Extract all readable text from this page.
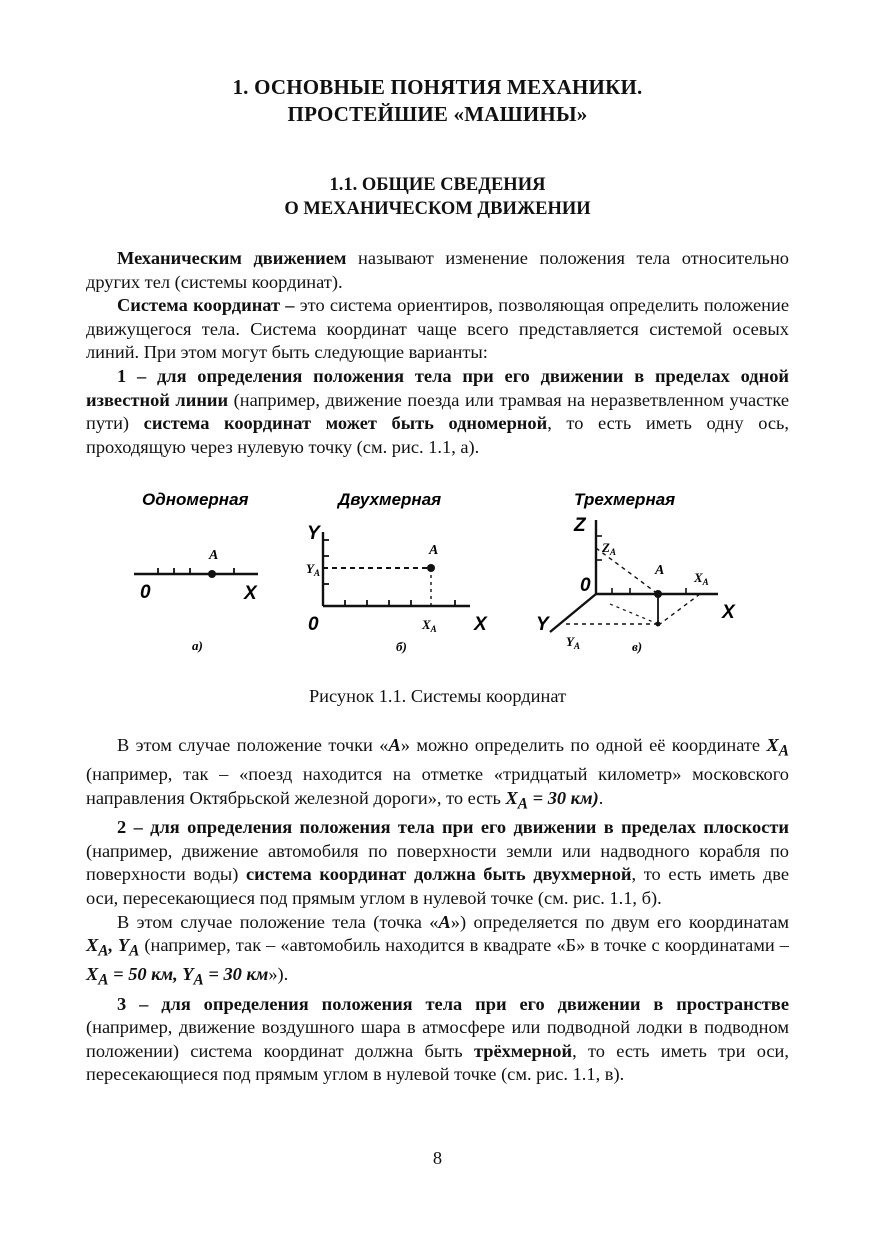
1. ОСНОВНЫЕ ПОНЯТИЯ МЕХАНИКИ.
ПРОСТЕЙШИЕ «МАШИНЫ»
1.1. ОБЩИЕ СВЕДЕНИЯ
О МЕХАНИЧЕСКОМ ДВИЖЕНИИ

Механическим движением называют изменение положения тела относительно других тел (системы координат).

Система координат – это система ориентиров, позволяющая определить положение движущегося тела. Система координат чаще всего представляется системой осевых линий. При этом могут быть следующие варианты:

1 – для определения положения тела при его движении в пределах одной известной линии (например, движение поезда или трамвая на неразветвленном участке пути) система координат может быть одномерной, то есть иметь одну ось, проходящую через нулевую точку (см. рис. 1.1, а).

Одномерная
A
0	X
а)
Двухмерная
A
$Y_A$
Y
0	$X_A$ X
б)
Трехмерная
A
Z
$Z_A$
0	$X_A$
X
Y
$Y_A$	в)
Рисунок 1.1. Системы координат

В этом случае положение точки «A» можно определить по одной её координате $X_A$ (например, так – «поезд находится на отметке «тридцатый километр» московского направления Октябрьской железной дороги», то есть $X_A = 30$ км).

2 – для определения положения тела при его движении в пределах плоскости (например, движение автомобиля по поверхности земли или надводного корабля по поверхности воды) система координат должна быть двухмерной, то есть иметь две оси, пересекающиеся под прямым углом в нулевой точке (см. рис. 1.1, б).

В этом случае положение тела (точка «A») определяется по двум его координатам $X_A$, $Y_A$ (например, так – «автомобиль находится в квадрате «Б» в точке с координатами – $X_A = 50$ км, $Y_A = 30$ км»).

3 – для определения положения тела при его движении в пространстве (например, движение воздушного шара в атмосфере или подводной лодки в подводном положении) система координат должна быть трёхмерной, то есть иметь три оси, пересекающиеся под прямым углом в нулевой точке (см. рис. 1.1, в).

8
